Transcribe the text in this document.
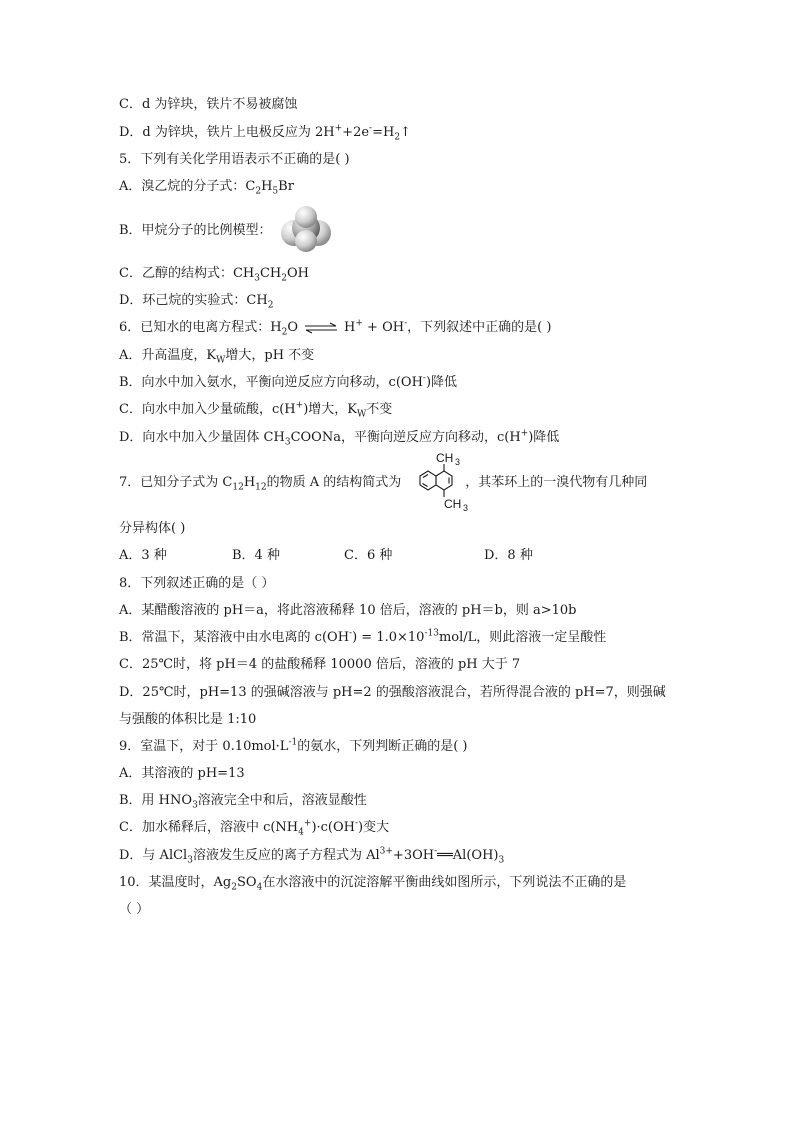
C．d 为锌块，铁片不易被腐蚀
D．d 为锌块，铁片上电极反应为 $2H^++2e^-=H_2↑$
5．下列有关化学用语表示不正确的是( )
A．溴乙烷的分子式：$C_2H_5Br$
B．甲烷分子的比例模型：
C．乙醇的结构式：$CH_3CH_2OH$
D．环己烷的实验式：$CH_2$
6．已知水的电离方程式：$H_2O$ ⇌ H+ + OH-，下列叙述中正确的是( )
A．升高温度，$K_W$增大，pH 不变
B．向水中加入氨水，平衡向逆反应方向移动，c(OH-)降低
C．向水中加入少量硫酸，c(H+)增大，$K_W$不变
D．向水中加入少量固体 $CH_3COONa$，平衡向逆反应方向移动，c(H+)降低
7．已知分子式为 $C_{12}H_{12}$的物质 A 的结构简式为	，其苯环上的一溴代物有几种同
CH 3
CH 3
分异构体( )
A．3 种	B．4 种	C．6 种	D．8 种
8．下列叙述正确的是（ ）
A．某醋酸溶液的 pH＝a，将此溶液稀释 10 倍后，溶液的 pH＝b，则 a>10b
B．常温下，某溶液中由水电离的 $c(OH^-) = 1.0\times 10^{-13}mol/L$，则此溶液一定呈酸性
C．25℃时，将 pH＝4 的盐酸稀释 10000 倍后，溶液的 pH 大于 7
D．25℃时，pH=13 的强碱溶液与 pH=2 的强酸溶液混合，若所得混合液的 pH=7，则强碱
与强酸的体积比是 1:10
9．室温下，对于 $0.10mol\cdot L^{-1}$的氨水，下列判断正确的是( )
A．其溶液的 pH=13
B．用 $HNO_3$溶液完全中和后，溶液显酸性
C．加水稀释后，溶液中 $c(NH_4^+)\cdot c(OH^-)$变大
D．与 AlCl$_3$溶液发生反应的离子方程式为 $Al^{3+}+3OH^-══Al(OH)_3$
10．某温度时，$Ag_2SO_4$在水溶液中的沉淀溶解平衡曲线如图所示，下列说法不正确的是
（ ）
